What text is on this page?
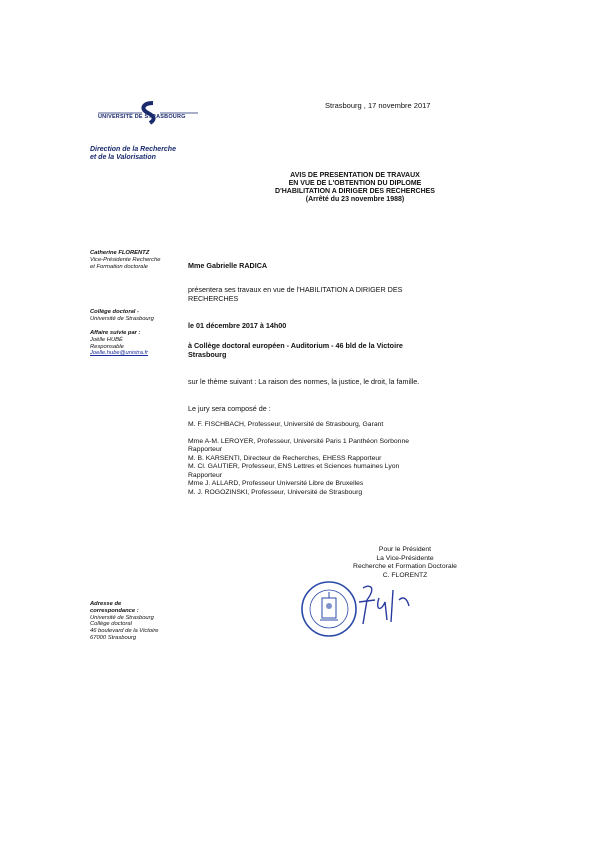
UNIVERSITÉ DE STRASBOURG
Direction de la Recherche
et de la Valorisation
Strasbourg , 17 novembre 2017
AVIS DE PRESENTATION DE TRAVAUX
EN VUE DE L'OBTENTION DU DIPLOME
D'HABILITATION A DIRIGER DES RECHERCHES
(Arrêté du 23 novembre 1988)
Catherine FLORENTZ
Vice-Présidente Recherche
et Formation doctorale
Collège doctoral -
Université de Strasbourg
Affaire suivie par :
Joëlle HUBÉ
Responsable
Joelle.hube@unistra.fr
Mme Gabrielle RADICA
présentera ses travaux en vue de l'HABILITATION A DIRIGER DES
RECHERCHES
le 01 décembre 2017 à 14h00
à Collège doctoral européen - Auditorium - 46 bld de la Victoire
Strasbourg
sur le thème suivant : La raison des normes, la justice, le droit, la famille.
Le jury sera composé de :
M. F. FISCHBACH, Professeur, Université de Strasbourg, Garant
Mme A-M. LEROYER, Professeur, Université Paris 1 Panthéon Sorbonne
Rapporteur
M. B. KARSENTI, Directeur de Recherches, EHESS Rapporteur
M. Cl. GAUTIER, Professeur, ENS Lettres et Sciences humaines Lyon
Rapporteur
Mme J. ALLARD, Professeur Université Libre de Bruxelles
M. J. ROGOZINSKI, Professeur, Université de Strasbourg
Pour le Président
La Vice-Présidente
Recherche et Formation Doctorale
C. FLORENTZ
Adresse de
correspondance :
Université de Strasbourg
Collège doctoral
46 boulevard de la Victoire
67000 Strasbourg
